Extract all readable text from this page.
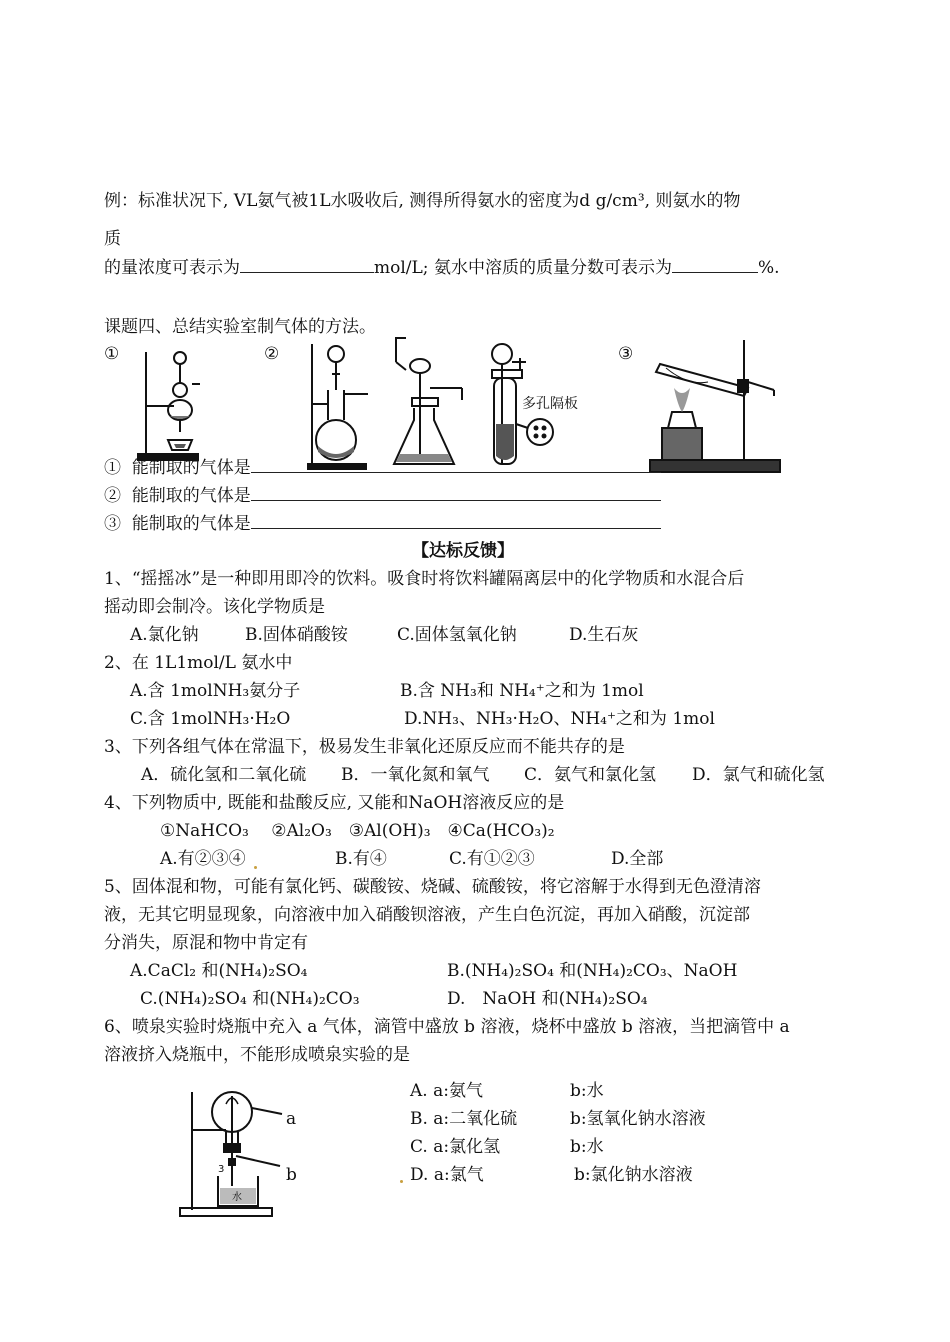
例：标准状况下, VL氨气被1L水吸收后, 测得所得氨水的密度为d g/cm³, 则氨水的物
质
的量浓度可表示为	mol/L; 氨水中溶质的质量分数可表示为	%.
课题四、总结实验室制气体的方法。
①	②	③
多孔隔板
① 能制取的气体是
② 能制取的气体是
③ 能制取的气体是
【达标反馈】
1、“摇摇冰”是一种即用即冷的饮料。吸食时将饮料罐隔离层中的化学物质和水混合后
摇动即会制冷。该化学物质是
A.氯化钠	B.固体硝酸铵	C.固体氢氧化钠	D.生石灰
2、在 1L1mol/L 氨水中
A.含 1molNH₃氨分子	B.含 NH₃和 NH₄⁺之和为 1mol
C.含 1molNH₃·H₂O	D.NH₃、NH₃·H₂O、NH₄⁺之和为 1mol
3、下列各组气体在常温下，极易发生非氧化还原反应而不能共存的是
A．硫化氢和二氧化硫 B．一氧化氮和氧气 C．氨气和氯化氢 D．氯气和硫化氢
4、下列物质中, 既能和盐酸反应, 又能和NaOH溶液反应的是
①NaHCO₃　 ②Al₂O₃　③Al(OH)₃　④Ca(HCO₃)₂
A.有②③④	B.有④	C.有①②③	D.全部
5、固体混和物，可能有氯化钙、碳酸铵、烧碱、硫酸铵，将它溶解于水得到无色澄清溶
液，无其它明显现象，向溶液中加入硝酸钡溶液，产生白色沉淀，再加入硝酸，沉淀部
分消失，原混和物中肯定有
A.CaCl₂ 和(NH₄)₂SO₄	B.(NH₄)₂SO₄ 和(NH₄)₂CO₃、NaOH
C.(NH₄)₂SO₄ 和(NH₄)₂CO₃	D.　NaOH 和(NH₄)₂SO₄
6、喷泉实验时烧瓶中充入 a 气体，滴管中盛放 b 溶液，烧杯中盛放 b 溶液，当把滴管中 a
溶液挤入烧瓶中，不能形成喷泉实验的是
水
3
a
b
A. a:氨气	b:水
B. a:二氧化硫	b:氢氧化钠水溶液
C. a:氯化氢	b:水
D. a:氯气	b:氯化钠水溶液
